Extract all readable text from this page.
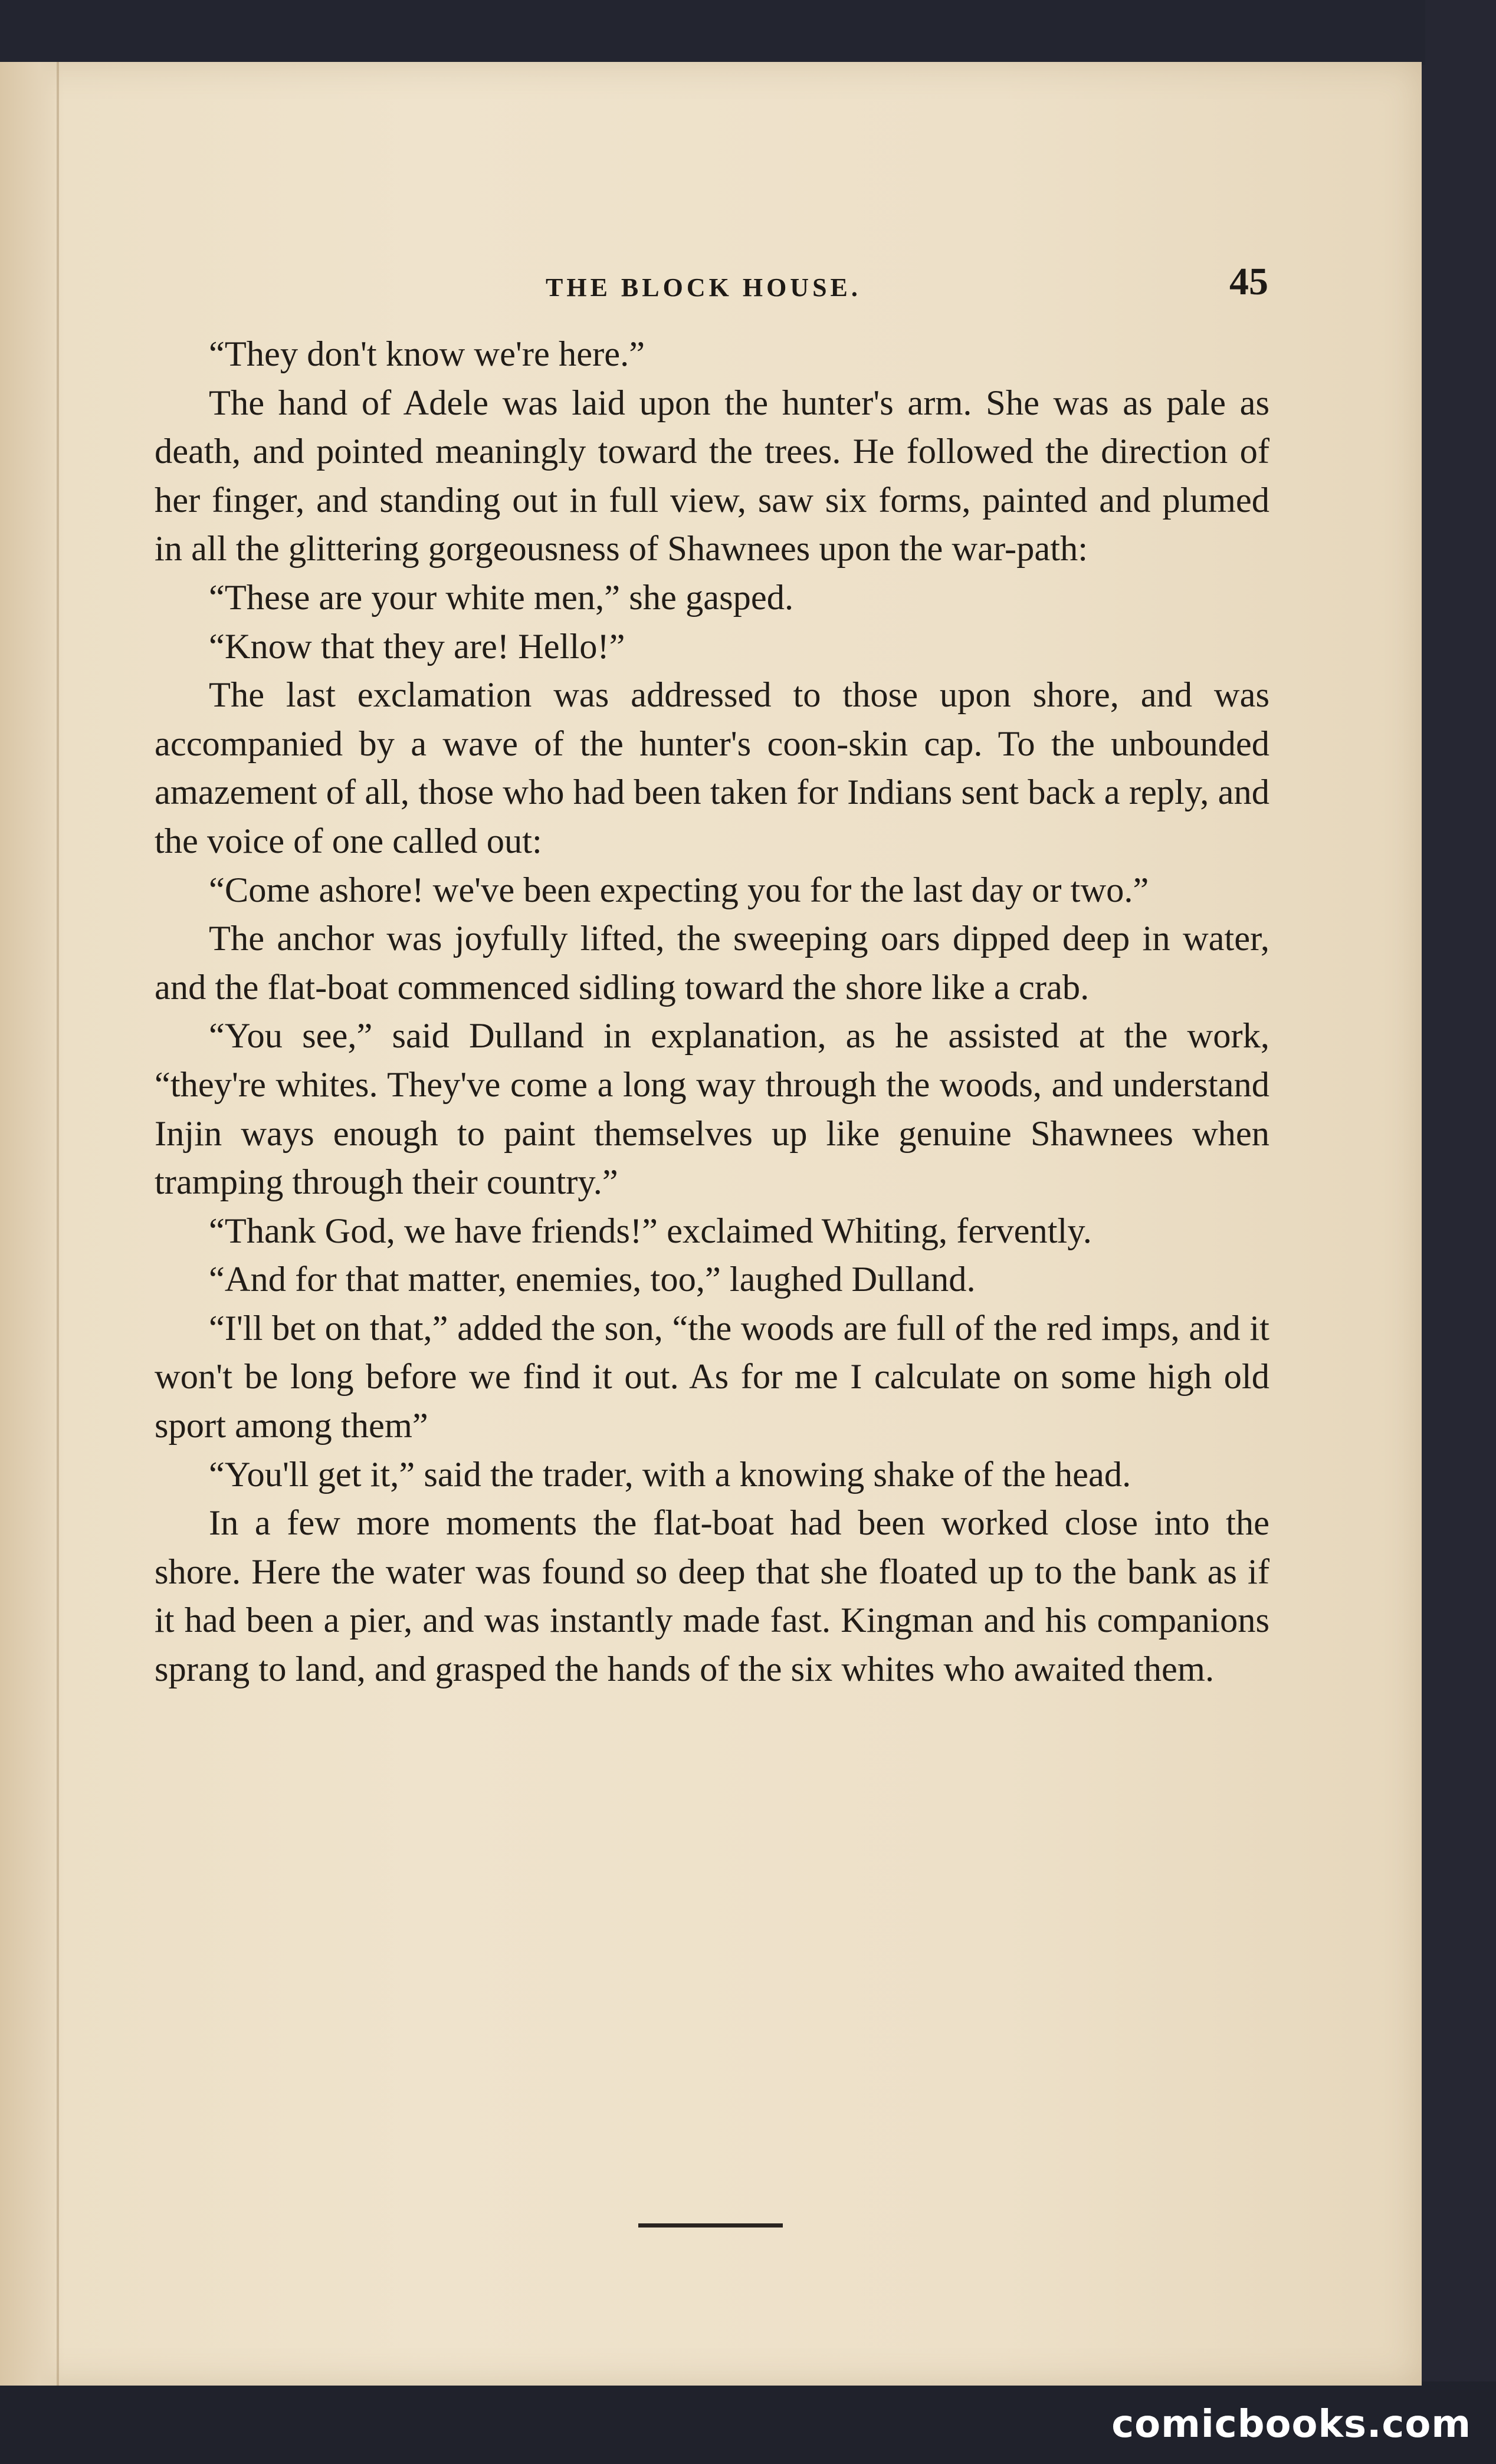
THE BLOCK HOUSE.	45

“They don't know we're here.”

The hand of Adele was laid upon the hunter's arm. She was as pale as death, and pointed meaningly toward the trees. He followed the direction of her finger, and standing out in full view, saw six forms, painted and plumed in all the glittering gorgeousness of Shawnees upon the war-path:

“These are your white men,” she gasped.

“Know that they are! Hello!”

The last exclamation was addressed to those upon shore, and was accompanied by a wave of the hunter's coon-skin cap. To the unbounded amazement of all, those who had been taken for Indians sent back a reply, and the voice of one called out:

“Come ashore! we've been expecting you for the last day or two.”

The anchor was joyfully lifted, the sweeping oars dipped deep in water, and the flat-boat commenced sidling toward the shore like a crab.

“You see,” said Dulland in explanation, as he assisted at the work, “they're whites. They've come a long way through the woods, and understand Injin ways enough to paint themselves up like genuine Shawnees when tramping through their country.”

“Thank God, we have friends!” exclaimed Whiting, fervently.

“And for that matter, enemies, too,” laughed Dulland.

“I'll bet on that,” added the son, “the woods are full of the red imps, and it won't be long before we find it out. As for me I calculate on some high old sport among them”

“You'll get it,” said the trader, with a knowing shake of the head.

In a few more moments the flat-boat had been worked close into the shore. Here the water was found so deep that she floated up to the bank as if it had been a pier, and was instantly made fast. Kingman and his companions sprang to land, and grasped the hands of the six whites who awaited them.

comicbooks.com
